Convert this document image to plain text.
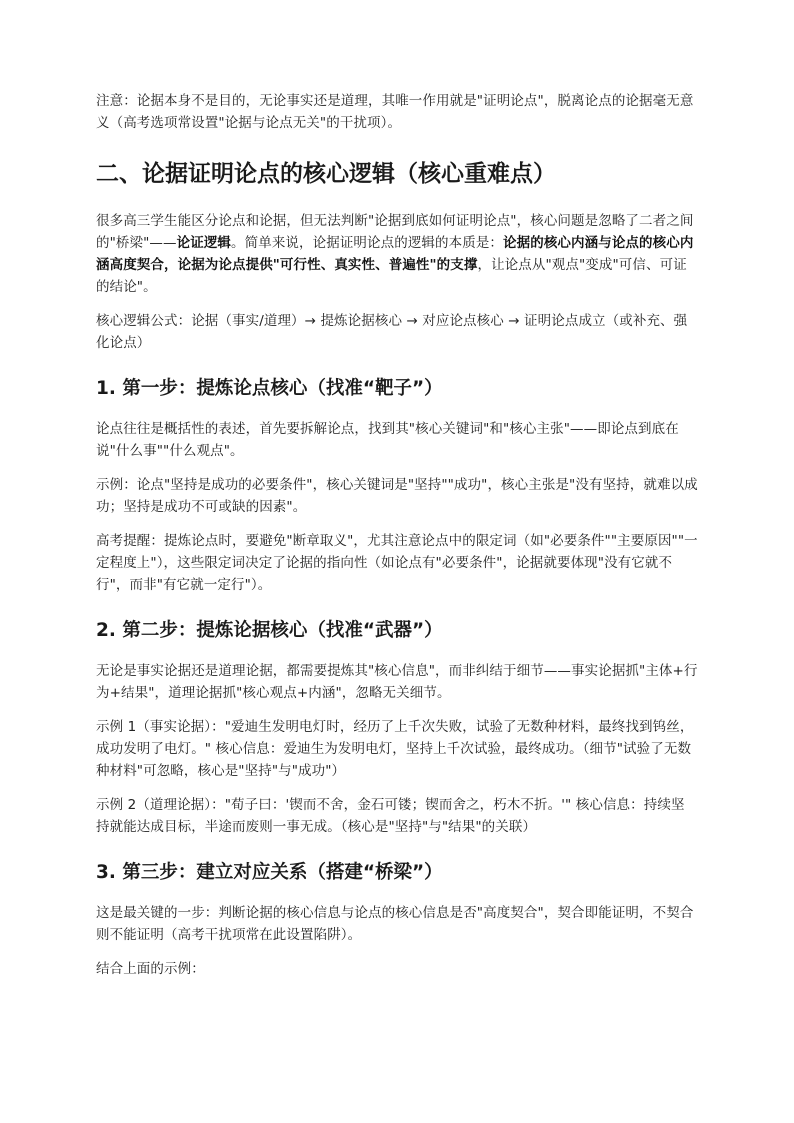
注意：论据本身不是目的，无论事实还是道理，其唯一作用就是"证明论点"，脱离论点的论据毫无意义（高考选项常设置"论据与论点无关"的干扰项）。

二、论据证明论点的核心逻辑（核心重难点）

很多高三学生能区分论点和论据，但无法判断"论据到底如何证明论点"，核心问题是忽略了二者之间的"桥梁"——论证逻辑。简单来说，论据证明论点的逻辑的本质是：论据的核心内涵与论点的核心内涵高度契合，论据为论点提供"可行性、真实性、普遍性"的支撑，让论点从"观点"变成"可信、可证的结论"。

核心逻辑公式：论据（事实/道理）→ 提炼论据核心 → 对应论点核心 → 证明论点成立（或补充、强化论点）

1. 第一步：提炼论点核心（找准“靶子”）

论点往往是概括性的表述，首先要拆解论点，找到其"核心关键词"和"核心主张"——即论点到底在说"什么事""什么观点"。

示例：论点"坚持是成功的必要条件"，核心关键词是"坚持""成功"，核心主张是"没有坚持，就难以成功；坚持是成功不可或缺的因素"。

高考提醒：提炼论点时，要避免"断章取义"，尤其注意论点中的限定词（如"必要条件""主要原因""一定程度上"），这些限定词决定了论据的指向性（如论点有"必要条件"，论据就要体现"没有它就不行"，而非"有它就一定行"）。

2. 第二步：提炼论据核心（找准“武器”）

无论是事实论据还是道理论据，都需要提炼其"核心信息"，而非纠结于细节——事实论据抓"主体+行为+结果"，道理论据抓"核心观点+内涵"，忽略无关细节。

示例 1（事实论据）："爱迪生发明电灯时，经历了上千次失败，试验了无数种材料，最终找到钨丝，成功发明了电灯。" 核心信息：爱迪生为发明电灯，坚持上千次试验，最终成功。（细节"试验了无数种材料"可忽略，核心是"坚持"与"成功"）

示例 2（道理论据）："荀子曰：'锲而不舍，金石可镂；锲而舍之，朽木不折。'" 核心信息：持续坚持就能达成目标，半途而废则一事无成。（核心是"坚持"与"结果"的关联）

3. 第三步：建立对应关系（搭建“桥梁”）

这是最关键的一步：判断论据的核心信息与论点的核心信息是否"高度契合"，契合即能证明，不契合则不能证明（高考干扰项常在此设置陷阱）。

结合上面的示例：
